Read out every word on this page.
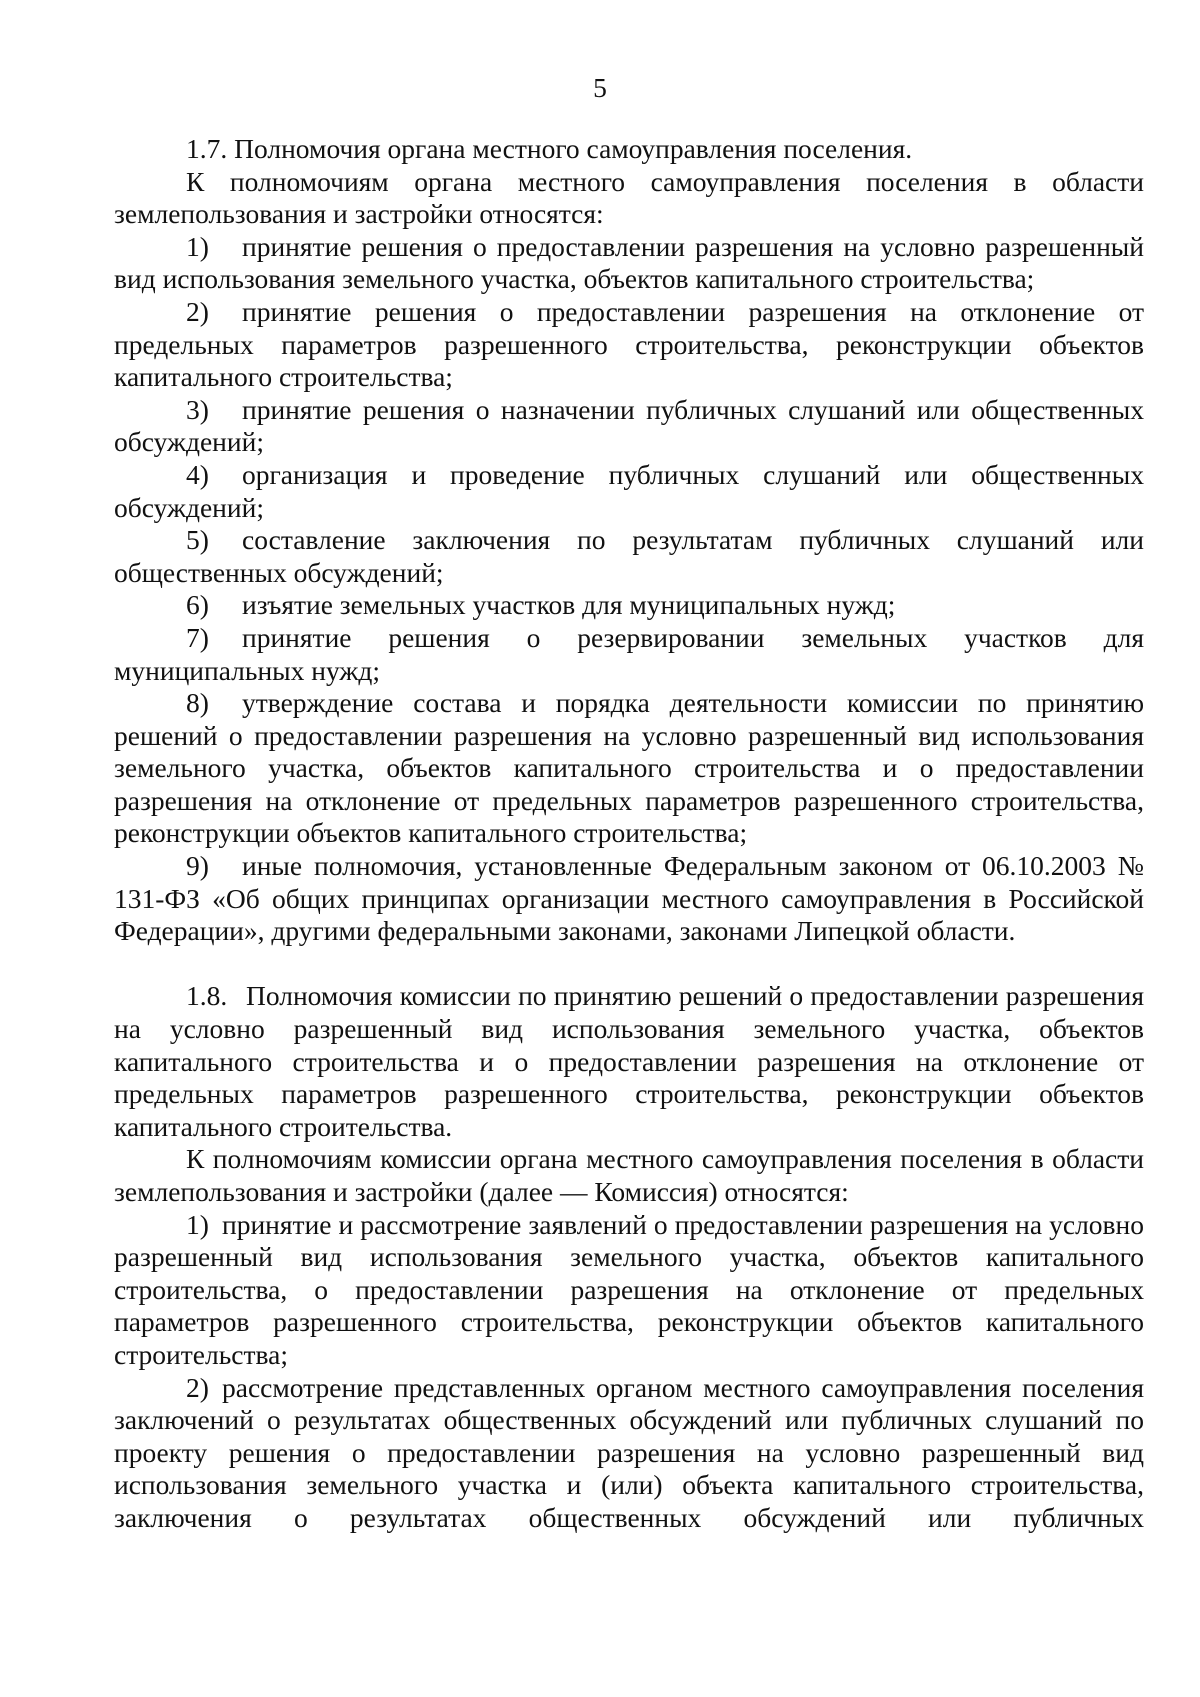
5

1.7. Полномочия органа местного самоуправления поселения.

К полномочиям органа местного самоуправления поселения в области землепользования и застройки относятся:

1) принятие решения о предоставлении разрешения на условно разрешенный вид использования земельного участка, объектов капитального строительства;

2) принятие решения о предоставлении разрешения на отклонение от предельных параметров разрешенного строительства, реконструкции объектов капитального строительства;

3) принятие решения о назначении публичных слушаний или общественных обсуждений;

4) организация и проведение публичных слушаний или общественных обсуждений;

5) составление заключения по результатам публичных слушаний или общественных обсуждений;

6) изъятие земельных участков для муниципальных нужд;

7) принятие решения о резервировании земельных участков для муниципальных нужд;

8) утверждение состава и порядка деятельности комиссии по принятию решений о предоставлении разрешения на условно разрешенный вид использования земельного участка, объектов капитального строительства и о предоставлении разрешения на отклонение от предельных параметров разрешенного строительства, реконструкции объектов капитального строительства;

9) иные полномочия, установленные Федеральным законом от 06.10.2003 № 131-ФЗ «Об общих принципах организации местного самоуправления в Российской Федерации», другими федеральными законами, законами Липецкой области.

1.8. Полномочия комиссии по принятию решений о предоставлении разрешения на условно разрешенный вид использования земельного участка, объектов капитального строительства и о предоставлении разрешения на отклонение от предельных параметров разрешенного строительства, реконструкции объектов капитального строительства.

К полномочиям комиссии органа местного самоуправления поселения в области землепользования и застройки (далее — Комиссия) относятся:

1) принятие и рассмотрение заявлений о предоставлении разрешения на условно разрешенный вид использования земельного участка, объектов капитального строительства, о предоставлении разрешения на отклонение от предельных параметров разрешенного строительства, реконструкции объектов капитального строительства;

2) рассмотрение представленных органом местного самоуправления поселения заключений о результатах общественных обсуждений или публичных слушаний по проекту решения о предоставлении разрешения на условно разрешенный вид использования земельного участка и (или) объекта капитального строительства, заключения о результатах общественных обсуждений или публичных
